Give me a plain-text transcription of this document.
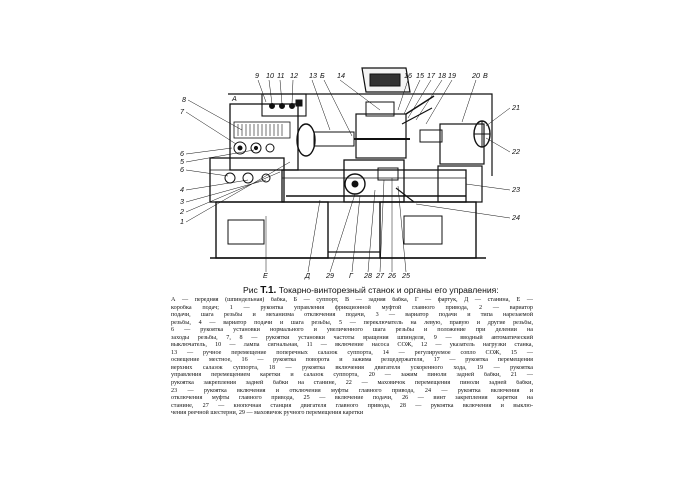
9 10 11 12 13 Б 14	16 15 17 18 19 20 В
8
7
6
5
6
4
3
2
1
21
22
23
24
Е	Д 29 Г 28 27 26 25
А
Рис Т.1. Токарно-винторезный станок и органы его управления:
А — передняя (шпиндельная) бабка, Б — суппорт, В — задняя бабка, Г — фартук, Д — станина, Е —
коробка подач; 1 — рукоятка управления фрикционной муфтой главного привода, 2 — вариатор
подачи, шага резьбы и механизма отключения подачи, 3 — вариатор подачи и типа нарезаемой
резьбы, 4 — вариатор подачи и шага резьбы, 5 — переключатель на левую, правую и другие резьбы,
6 — рукоятка установки нормального и увеличенного шага резьбы и положение при делении на
заходы резьбы, 7, 8 — рукоятки установки частоты вращения шпинделя, 9 — вводный автоматический
выключатель, 10 — лампа сигнальная, 11 — включение насоса СОЖ, 12 — указатель нагрузки станка,
13 — ручное перемещение поперечных салазок суппорта, 14 — регулируемое сопло СОЖ, 15 —
освещение местное, 16 — рукоятка поворота и зажима резцедержателя, 17 — рукоятка перемещения
верхних салазок суппорта, 18 — рукоятка включения двигателя ускоренного хода, 19 — рукоятка
управления перемещением каретки и салазок суппорта, 20 — зажим пиноли задней бабки, 21 —
рукоятка закрепления задней бабки на станине, 22 — маховичок перемещения пиноли задней бабки,
23 — рукоятка включения и отключения муфты главного привода, 24 — рукоятка включения и
отключения муфты главного привода, 25 — включение подачи, 26 — винт закрепления каретки на
станине, 27 — кнопочная станция двигателя главного привода, 28 — рукоятка включения и выклю-
чения реечной шестерни, 29 — маховичок ручного перемещения каретки
